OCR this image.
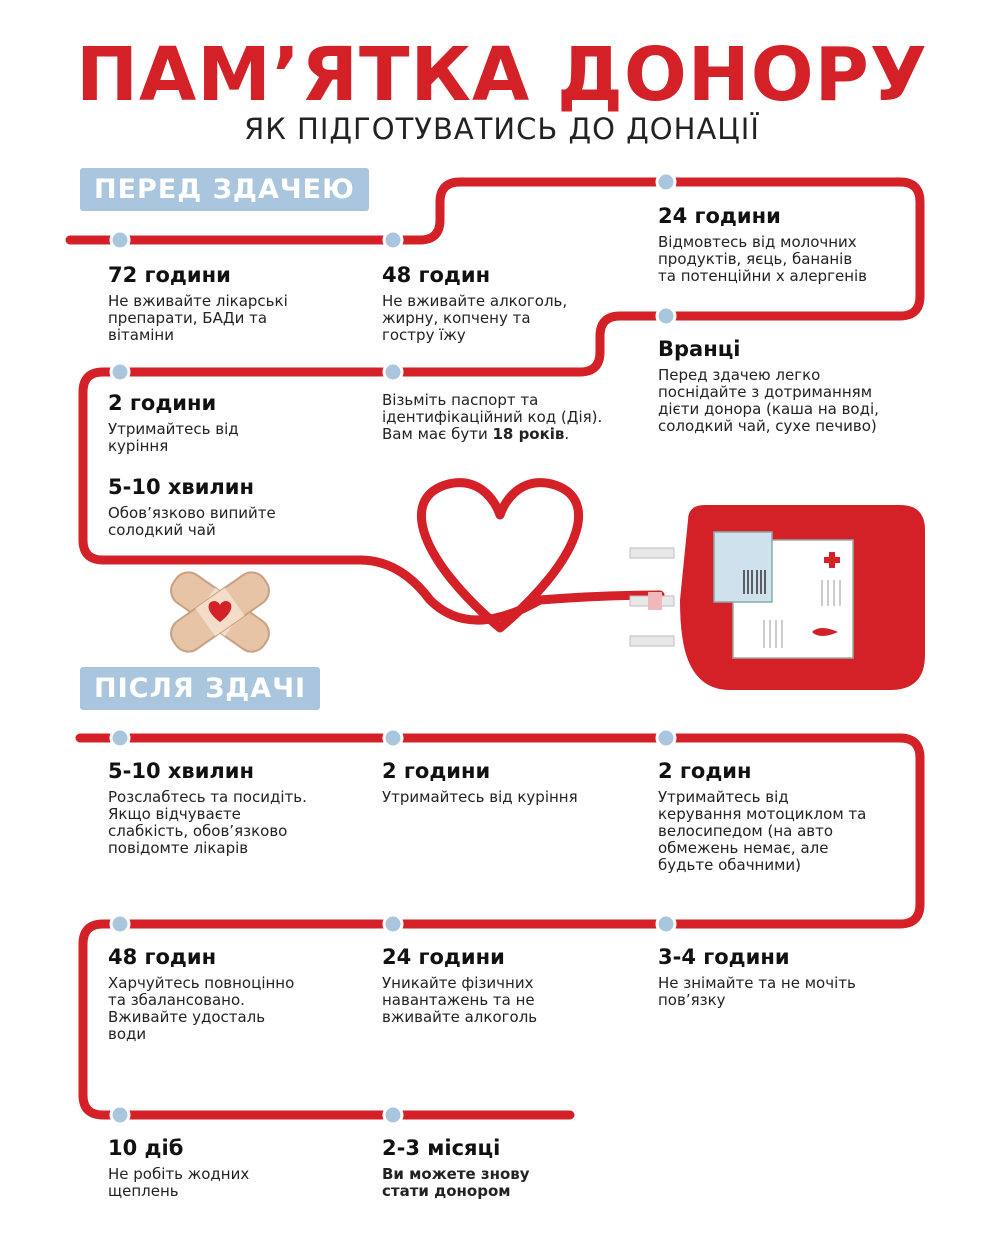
ПАМ’ЯТКА ДОНОРУ
ЯК ПІДГОТУВАТИСЬ ДО ДОНАЦІЇ
ПЕРЕД ЗДАЧЕЮ
ПІСЛЯ ЗДАЧІ
72 години
Не вживайте лікарські
препарати, БАДи та
вітаміни
48 годин
Не вживайте алкоголь,
жирну, копчену та
гостру їжу
24 години
Відмовтесь від молочних
продуктів, яєць, бананів
та потенційни х алергенів
Вранці
Перед здачею легко
поснідайте з дотриманням
дієти донора (каша на воді,
солодкий чай, сухе печиво)
Візьміть паспорт та
ідентифікаційний код (Дія).
Вам має бути 18 років.
2 години
Утримайтесь від
куріння
5-10 хвилин
Обов’язково випийте
солодкий чай
5-10 хвилин
Розслабтесь та посидіть.
Якщо відчуваєте
слабкість, обов’язково
повідомте лікарів
2 години
Утримайтесь від куріння
2 годин
Утримайтесь від
керування мотоциклом та
велосипедом (на авто
обмежень немає, але
будьте обачними)
48 годин
Харчуйтесь повноцінно
та збалансовано.
Вживайте удосталь
води
24 години
Уникайте фізичних
навантажень та не
вживайте алкоголь
3-4 години
Не знімайте та не мочіть
пов’язку
10 діб
Не робіть жодних
щеплень
2-3 місяці
Ви можете знову
стати донором
